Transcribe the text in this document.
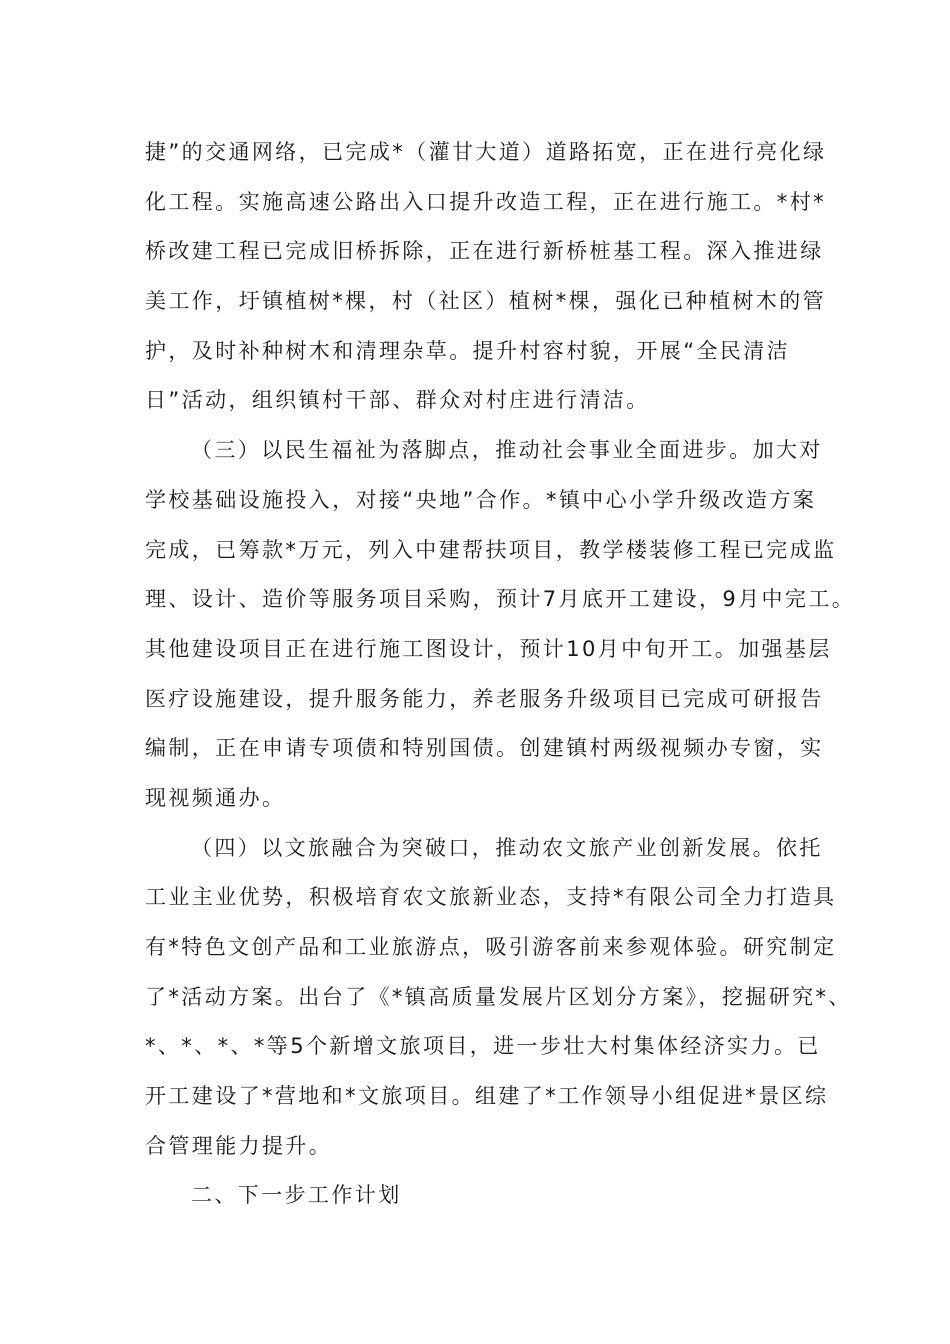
捷”的交通网络，已完成*（灌甘大道）道路拓宽，正在进行亮化绿
化工程。实施高速公路出入口提升改造工程，正在进行施工。*村*
桥改建工程已完成旧桥拆除，正在进行新桥桩基工程。深入推进绿
美工作，圩镇植树*棵，村（社区）植树*棵，强化已种植树木的管
护，及时补种树木和清理杂草。提升村容村貌，开展“全民清洁
日”活动，组织镇村干部、群众对村庄进行清洁。
（三）以民生福祉为落脚点，推动社会事业全面进步。加大对
学校基础设施投入，对接“央地”合作。*镇中心小学升级改造方案
完成，已筹款*万元，列入中建帮扶项目，教学楼装修工程已完成监
理、设计、造价等服务项目采购，预计7月底开工建设，9月中完工。
其他建设项目正在进行施工图设计，预计10月中旬开工。加强基层
医疗设施建设，提升服务能力，养老服务升级项目已完成可研报告
编制，正在申请专项债和特别国债。创建镇村两级视频办专窗，实
现视频通办。
（四）以文旅融合为突破口，推动农文旅产业创新发展。依托
工业主业优势，积极培育农文旅新业态，支持*有限公司全力打造具
有*特色文创产品和工业旅游点，吸引游客前来参观体验。研究制定
了*活动方案。出台了《*镇高质量发展片区划分方案》，挖掘研究*、
*、*、*、*等5个新增文旅项目，进一步壮大村集体经济实力。已
开工建设了*营地和*文旅项目。组建了*工作领导小组促进*景区综
合管理能力提升。
二、下一步工作计划
